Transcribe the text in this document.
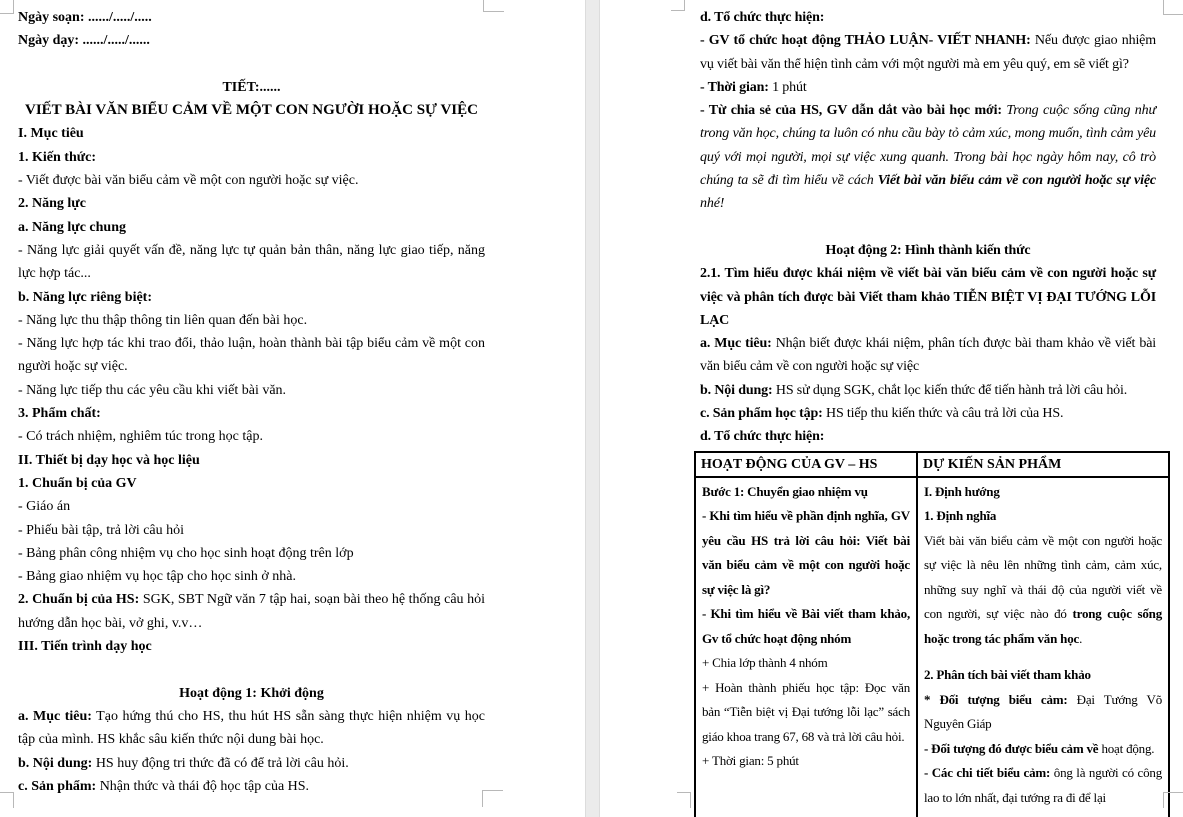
Ngày soạn: ....../...../.....
Ngày dạy: ....../...../......
TIẾT:......
VIẾT BÀI VĂN BIỂU CẢM VỀ MỘT CON NGƯỜI HOẶC SỰ VIỆC
I. Mục tiêu
1. Kiến thức:
- Viết được bài văn biểu cảm về một con người hoặc sự việc.
2. Năng lực
a. Năng lực chung
- Năng lực giải quyết vấn đề, năng lực tự quản bản thân, năng lực giao tiếp, năng lực hợp tác...
b. Năng lực riêng biệt:
- Năng lực thu thập thông tin liên quan đến bài học.
- Năng lực hợp tác khi trao đổi, thảo luận, hoàn thành bài tập biểu cảm về một con người hoặc sự việc.
- Năng lực tiếp thu các yêu cầu khi viết bài văn.
3. Phẩm chất:
- Có trách nhiệm, nghiêm túc trong học tập.
II. Thiết bị dạy học và học liệu
1. Chuẩn bị của GV
- Giáo án
- Phiếu bài tập, trả lời câu hỏi
- Bảng phân công nhiệm vụ cho học sinh hoạt động trên lớp
- Bảng giao nhiệm vụ học tập cho học sinh ở nhà.
2. Chuẩn bị của HS: SGK, SBT Ngữ văn 7 tập hai, soạn bài theo hệ thống câu hỏi hướng dẫn học bài, vở ghi, v.v…
III. Tiến trình dạy học
Hoạt động 1: Khởi động
a. Mục tiêu: Tạo hứng thú cho HS, thu hút HS sẵn sàng thực hiện nhiệm vụ học tập của mình. HS khắc sâu kiến thức nội dung bài học.
b. Nội dung: HS huy động tri thức đã có để trả lời câu hỏi.
c. Sản phẩm: Nhận thức và thái độ học tập của HS.
d. Tổ chức thực hiện:
- GV tổ chức hoạt động THẢO LUẬN- VIẾT NHANH: Nếu được giao nhiệm vụ viết bài văn thể hiện tình cảm với một người mà em yêu quý, em sẽ viết gì?
- Thời gian: 1 phút
- Từ chia sẻ của HS, GV dẫn dắt vào bài học mới: Trong cuộc sống cũng như trong văn học, chúng ta luôn có nhu cầu bày tỏ cảm xúc, mong muốn, tình cảm yêu quý với mọi người, mọi sự việc xung quanh. Trong bài học ngày hôm nay, cô trò chúng ta sẽ đi tìm hiểu về cách Viết bài văn biểu cảm về con người hoặc sự việc nhé!
Hoạt động 2: Hình thành kiến thức
2.1. Tìm hiểu được khái niệm về viết bài văn biểu cảm về con người hoặc sự việc và phân tích được bài Viết tham khảo TIỄN BIỆT VỊ ĐẠI TƯỚNG LỖI LẠC
a. Mục tiêu: Nhận biết được khái niệm, phân tích được bài tham khảo về viết bài văn biểu cảm về con người hoặc sự việc
b. Nội dung: HS sử dụng SGK, chắt lọc kiến thức để tiến hành trả lời câu hỏi.
c. Sản phẩm học tập: HS tiếp thu kiến thức và câu trả lời của HS.
d. Tổ chức thực hiện:
HOẠT ĐỘNG CỦA GV – HS	DỰ KIẾN SẢN PHẨM
Bước 1: Chuyển giao nhiệm vụ
- Khi tìm hiểu về phần định nghĩa, GV yêu cầu HS trả lời câu hỏi: Viết bài văn biểu cảm về một con người hoặc sự việc là gì?
- Khi tìm hiểu về Bài viết tham khảo, Gv tổ chức hoạt động nhóm
+ Chia lớp thành 4 nhóm
+ Hoàn thành phiếu học tập: Đọc văn bản “Tiễn biệt vị Đại tướng lỗi lạc” sách giáo khoa trang 67, 68 và trả lời câu hỏi.
+ Thời gian: 5 phút
I. Định hướng
1. Định nghĩa
Viết bài văn biểu cảm về một con người hoặc sự việc là nêu lên những tình cảm, cảm xúc, những suy nghĩ và thái độ của người viết về con người, sự việc nào đó trong cuộc sống hoặc trong tác phẩm văn học.
2. Phân tích bài viết tham khảo
* Đối tượng biểu cảm: Đại Tướng Võ Nguyên Giáp
- Đối tượng đó được biểu cảm về hoạt động.
- Các chi tiết biểu cảm: ông là người có công lao to lớn nhất, đại tướng ra đi để lại
